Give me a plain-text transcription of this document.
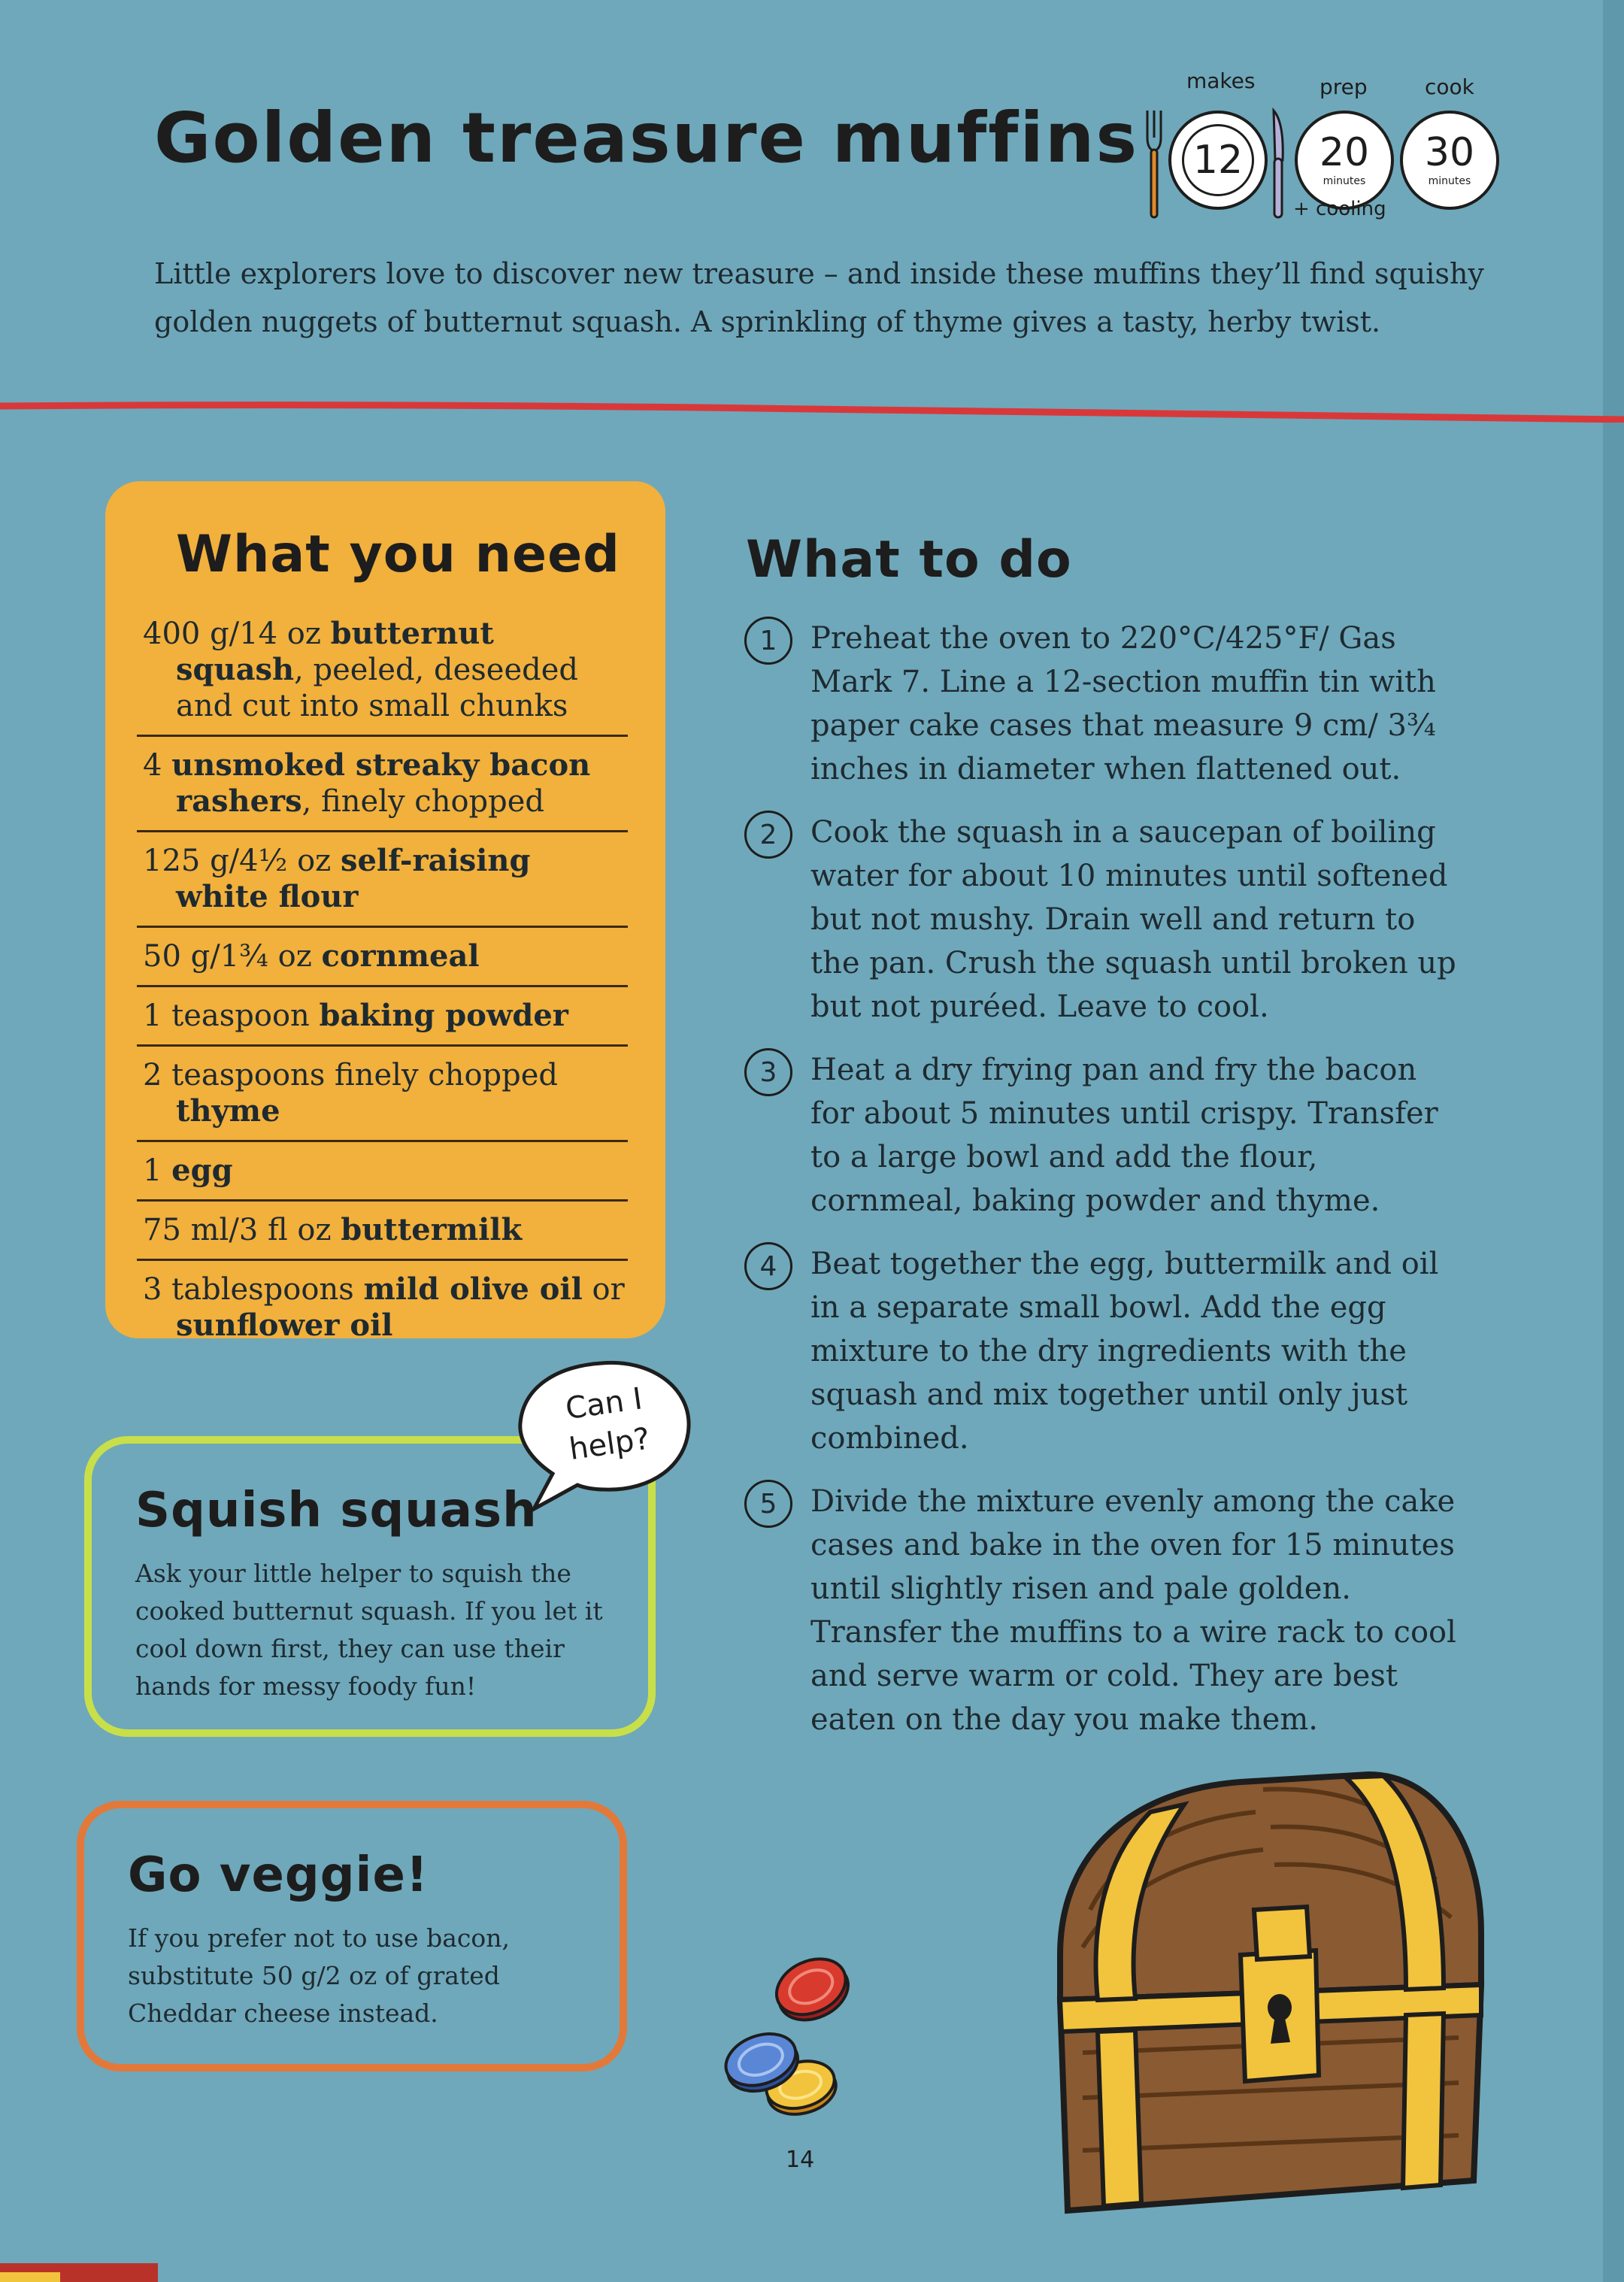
Golden treasure muffins
makes	prep	cook
12 20
minutes
30
minutes
+ cooling

Little explorers love to discover new treasure – and inside these muffins they’ll find squishy golden nuggets of butternut squash. A sprinkling of thyme gives a tasty, herby twist.

What you need
400 g/14 oz butternut squash, peeled, deseeded and cut into small chunks
4 unsmoked streaky bacon rashers, finely chopped
125 g/4½ oz self-raising white flour
50 g/1¾ oz cornmeal
1 teaspoon baking powder
2 teaspoons finely chopped thyme
1 egg
75 ml/3 fl oz buttermilk
3 tablespoons mild olive oil or sunflower oil
What to do
1	Preheat the oven to 220°C/425°F/ Gas Mark 7. Line a 12-section muffin tin with paper cake cases that measure 9 cm/ 3¾ inches in diameter when flattened out.

2	Cook the squash in a saucepan of boiling water for about 10 minutes until softened but not mushy. Drain well and return to the pan. Crush the squash until broken up but not puréed. Leave to cool.

3	Heat a dry frying pan and fry the bacon for about 5 minutes until crispy. Transfer to a large bowl and add the flour, cornmeal, baking powder and thyme.

4	Beat together the egg, buttermilk and oil in a separate small bowl. Add the egg mixture to the dry ingredients with the squash and mix together until only just combined.

5	Divide the mixture evenly among the cake cases and bake in the oven for 15 minutes until slightly risen and pale golden. Transfer the muffins to a wire rack to cool and serve warm or cold. They are best eaten on the day you make them.

Squish squash

Ask your little helper to squish the cooked butternut squash. If you let it cool down first, they can use their hands for messy foody fun!

Can I help?
Go veggie!

If you prefer not to use bacon, substitute 50 g/2 oz of grated Cheddar cheese instead.

14
